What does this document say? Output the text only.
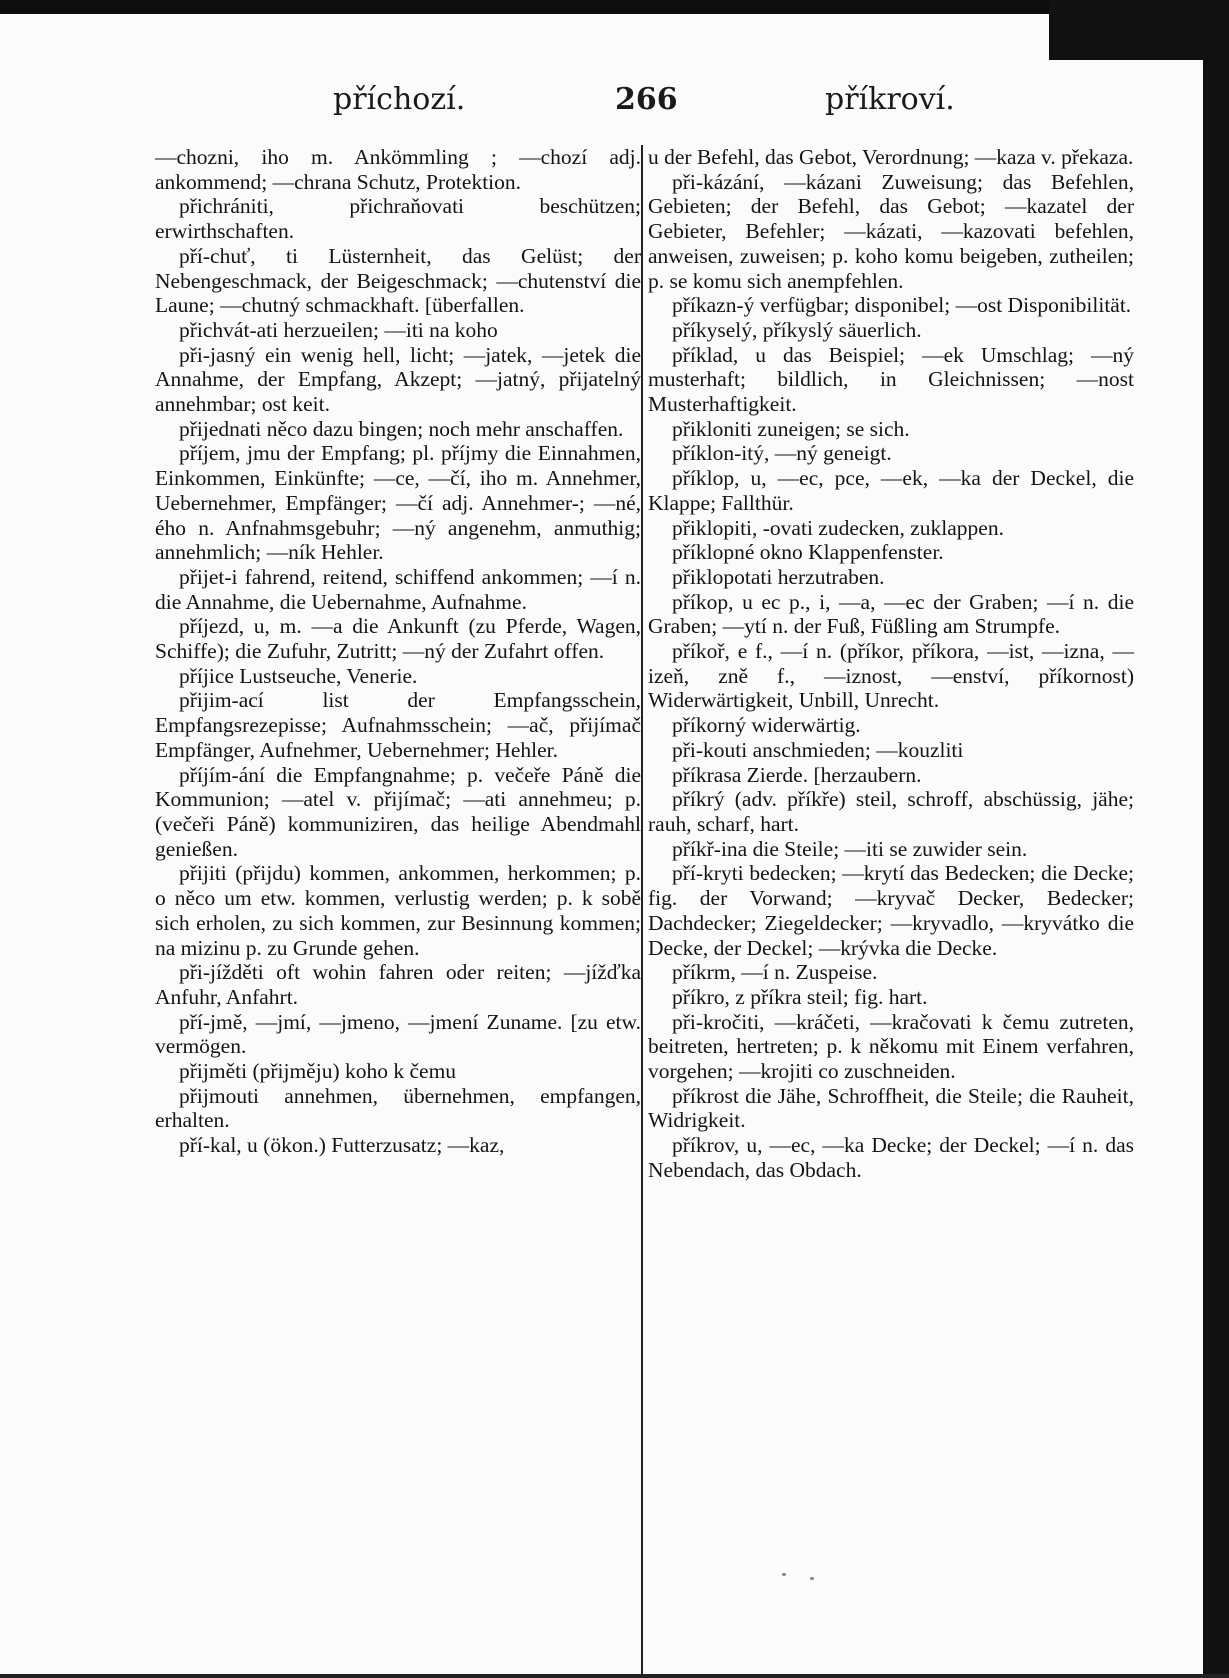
příchozí.	266	příkroví.

—chozni, iho m. Ankömmling ; —chozí adj. ankommend; —chrana Schutz, Protektion.

přichrániti, přichraňovati beschützen; erwirthschaften.

pří-chuť, ti Lüsternheit, das Gelüst; der Nebengeschmack, der Beigeschmack; —chutenství die Laune; —chutný schmackhaft. [überfallen.

přichvát-ati herzueilen; —iti na koho

při-jasný ein wenig hell, licht; —jatek, —jetek die Annahme, der Empfang, Akzept; —jatný, přijatelný annehmbar; ost keit.

přijednati něco dazu bingen; noch mehr anschaffen.

příjem, jmu der Empfang; pl. příjmy die Einnahmen, Einkommen, Einkünfte; —ce, —čí, iho m. Annehmer, Uebernehmer, Empfänger; —čí adj. Annehmer-; —né, ého n. Anfnahmsgebuhr; —ný angenehm, anmuthig; annehmlich; —ník Hehler.

přijet-i fahrend, reitend, schiffend ankommen; —í n. die Annahme, die Uebernahme, Aufnahme.

příjezd, u, m. —a die Ankunft (zu Pferde, Wagen, Schiffe); die Zufuhr, Zutritt; —ný der Zufahrt offen.

příjice Lustseuche, Venerie.

přijim-ací list der Empfangsschein, Empfangsrezepisse; Aufnahmsschein; —ač, přijímač Empfänger, Aufnehmer, Uebernehmer; Hehler.

příjím-ání die Empfangnahme; p. večeře Páně die Kommunion; —atel v. přijímač; —ati annehmeu; p. (večeři Páně) kommuniziren, das heilige Abendmahl genießen.

přijiti (přijdu) kommen, ankommen, herkommen; p. o něco um etw. kommen, verlustig werden; p. k sobě sich erholen, zu sich kommen, zur Besinnung kommen; na mizinu p. zu Grunde gehen.

při-jížděti oft wohin fahren oder reiten; —jížďka Anfuhr, Anfahrt.

pří-jmě, —jmí, —jmeno, —jmení Zuname. [zu etw. vermögen.

přijměti (přijměju) koho k čemu

přijmouti annehmen, übernehmen, empfangen, erhalten.

pří-kal, u (ökon.) Futterzusatz; —kaz,

u der Befehl, das Gebot, Verordnung; —kaza v. překaza.

při-kázání, —kázani Zuweisung; das Befehlen, Gebieten; der Befehl, das Gebot; —kazatel der Gebieter, Befehler; —kázati, —kazovati befehlen, anweisen, zuweisen; p. koho komu beigeben, zutheilen; p. se komu sich anempfehlen.

příkazn-ý verfügbar; disponibel; —ost Disponibilität.

příkyselý, příkyslý säuerlich.

příklad, u das Beispiel; —ek Umschlag; —ný musterhaft; bildlich, in Gleichnissen; —nost Musterhaftigkeit.

přikloniti zuneigen; se sich.

příklon-itý, —ný geneigt.

příklop, u, —ec, pce, —ek, —ka der Deckel, die Klappe; Fallthür.

přiklopiti, -ovati zudecken, zuklappen.

příklopné okno Klappenfenster.

přiklopotati herzutraben.

příkop, u ec p., i, —a, —ec der Graben; —í n. die Graben; —ytí n. der Fuß, Füßling am Strumpfe.

příkoř, e f., —í n. (příkor, příkora, —ist, —izna, —izeň, zně f., —iznost, —enství, příkornost) Widerwärtigkeit, Unbill, Unrecht.

příkorný widerwärtig.

při-kouti anschmieden; —kouzliti

příkrasa Zierde. [herzaubern.

příkrý (adv. příkře) steil, schroff, abschüssig, jähe; rauh, scharf, hart.

příkř-ina die Steile; —iti se zuwider sein.

pří-kryti bedecken; —krytí das Bedecken; die Decke; fig. der Vorwand; —kryvač Decker, Bedecker; Dachdecker; Ziegeldecker; —kryvadlo, —kryvátko die Decke, der Deckel; —krývka die Decke.

příkrm, —í n. Zuspeise.

příkro, z příkra steil; fig. hart.

při-kročiti, —kráčeti, —kračovati k čemu zutreten, beitreten, hertreten; p. k někomu mit Einem verfahren, vorgehen; —krojiti co zuschneiden.

příkrost die Jähe, Schroffheit, die Steile; die Rauheit, Widrigkeit.

příkrov, u, —ec, —ka Decke; der Deckel; —í n. das Nebendach, das Obdach.
